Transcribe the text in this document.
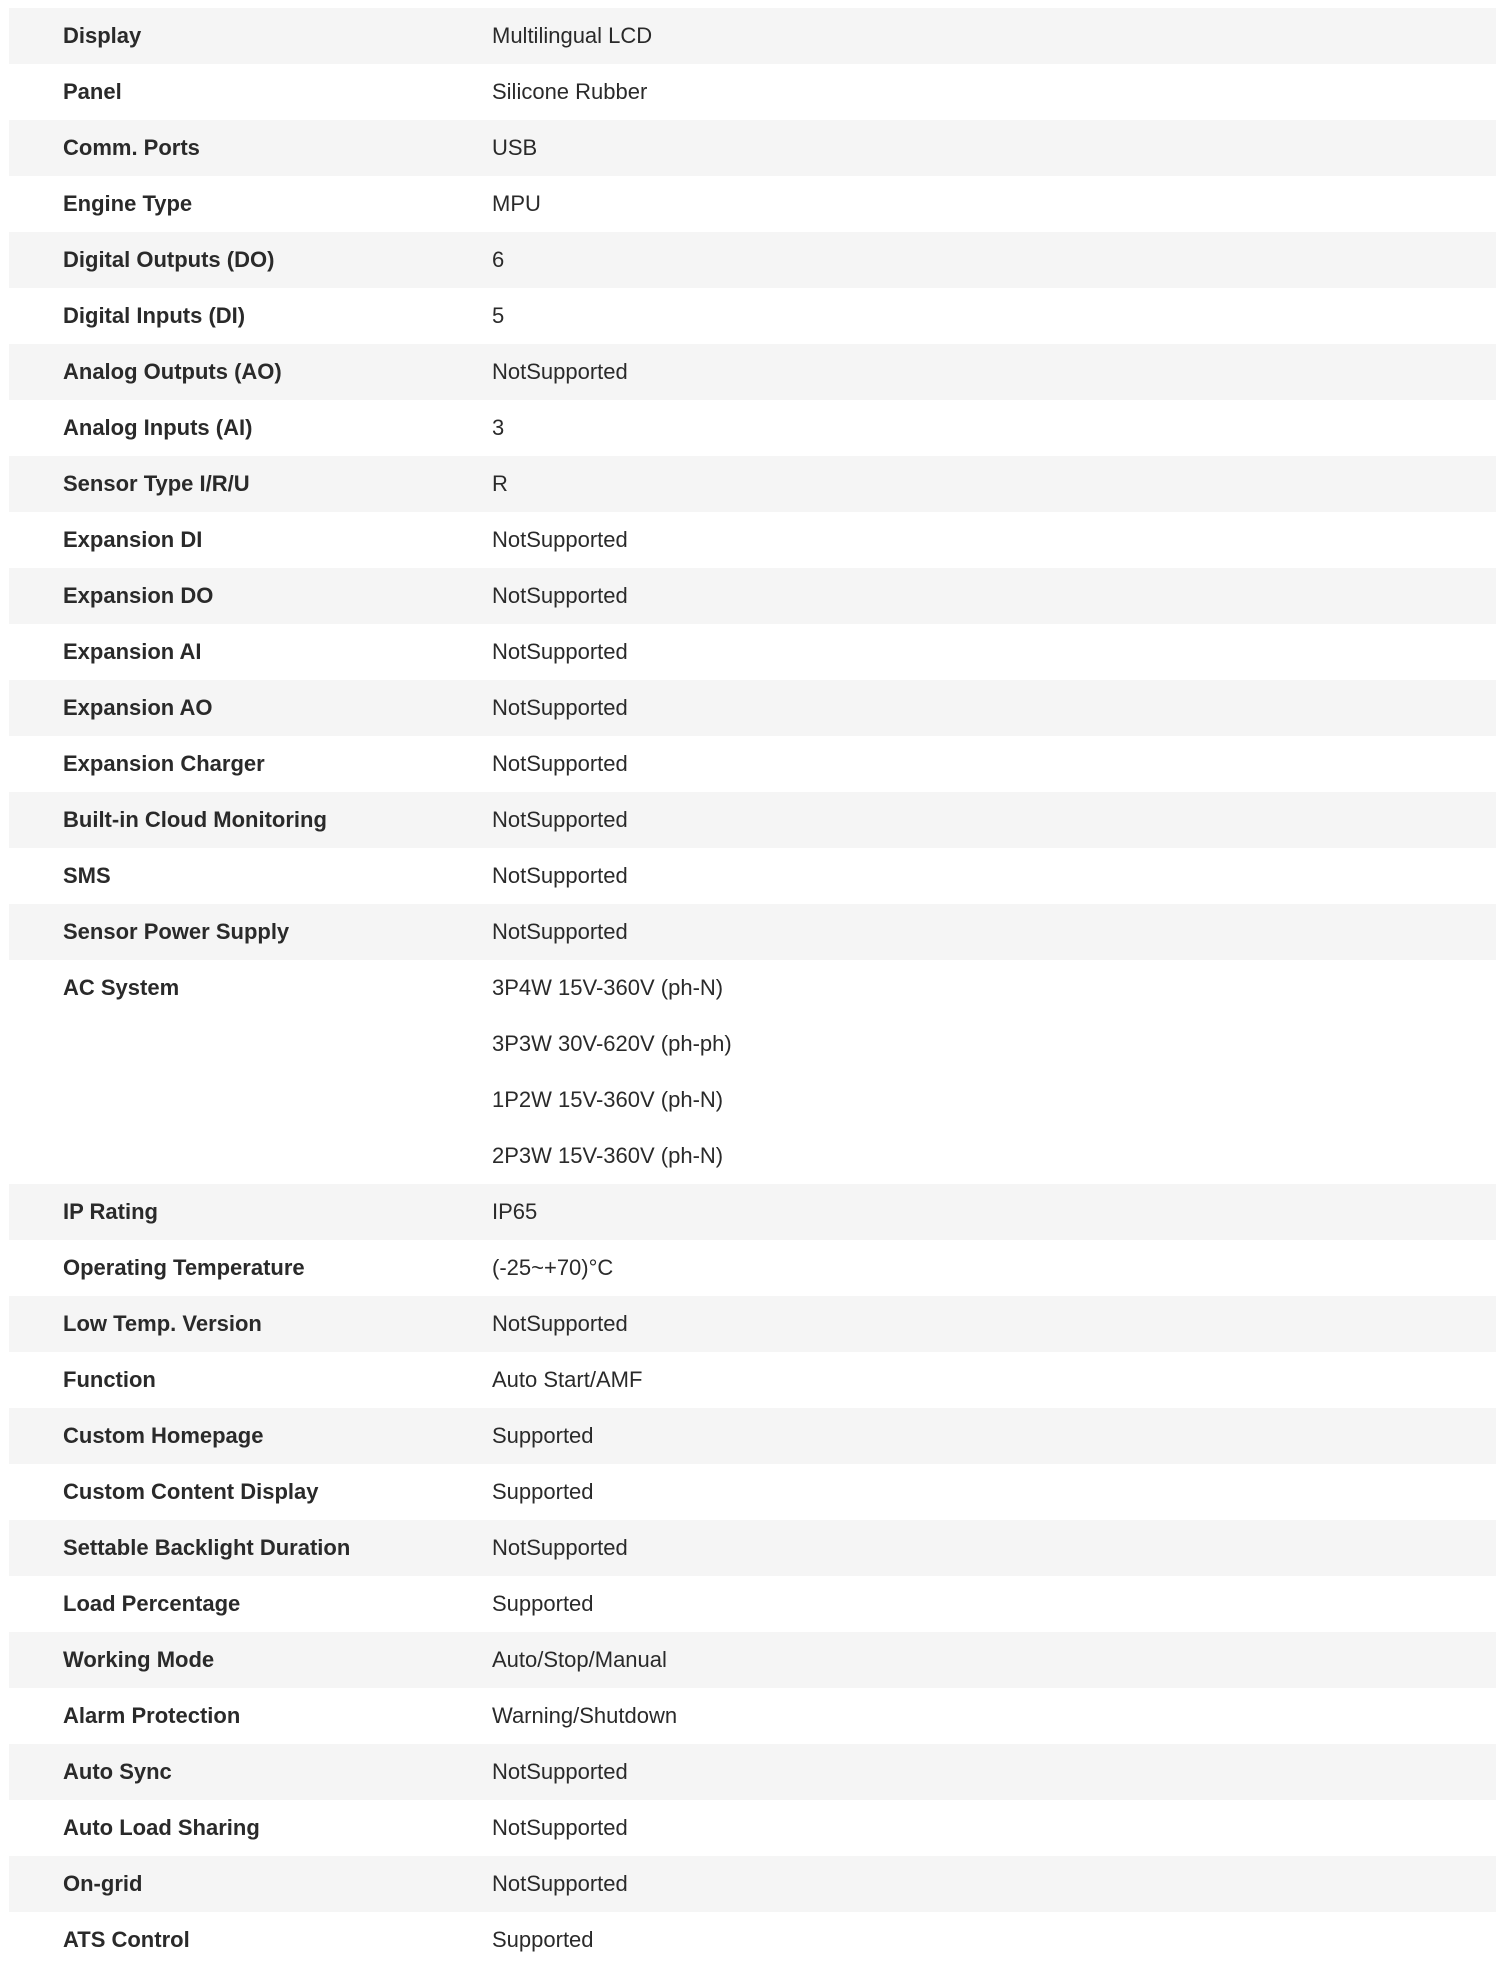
Display	Multilingual LCD
Panel	Silicone Rubber
Comm. Ports	USB
Engine Type	MPU
Digital Outputs (DO)	6
Digital Inputs (DI)	5
Analog Outputs (AO)	NotSupported
Analog Inputs (AI)	3
Sensor Type I/R/U	R
Expansion DI	NotSupported
Expansion DO	NotSupported
Expansion AI	NotSupported
Expansion AO	NotSupported
Expansion Charger	NotSupported
Built-in Cloud Monitoring	NotSupported
SMS	NotSupported
Sensor Power Supply	NotSupported
AC System	3P4W 15V-360V (ph-N)
3P3W 30V-620V (ph-ph)
1P2W 15V-360V (ph-N)
2P3W 15V-360V (ph-N)
IP Rating	IP65
Operating Temperature	(-25~+70)°C
Low Temp. Version	NotSupported
Function	Auto Start/AMF
Custom Homepage	Supported
Custom Content Display	Supported
Settable Backlight Duration	NotSupported
Load Percentage	Supported
Working Mode	Auto/Stop/Manual
Alarm Protection	Warning/Shutdown
Auto Sync	NotSupported
Auto Load Sharing	NotSupported
On-grid	NotSupported
ATS Control	Supported
